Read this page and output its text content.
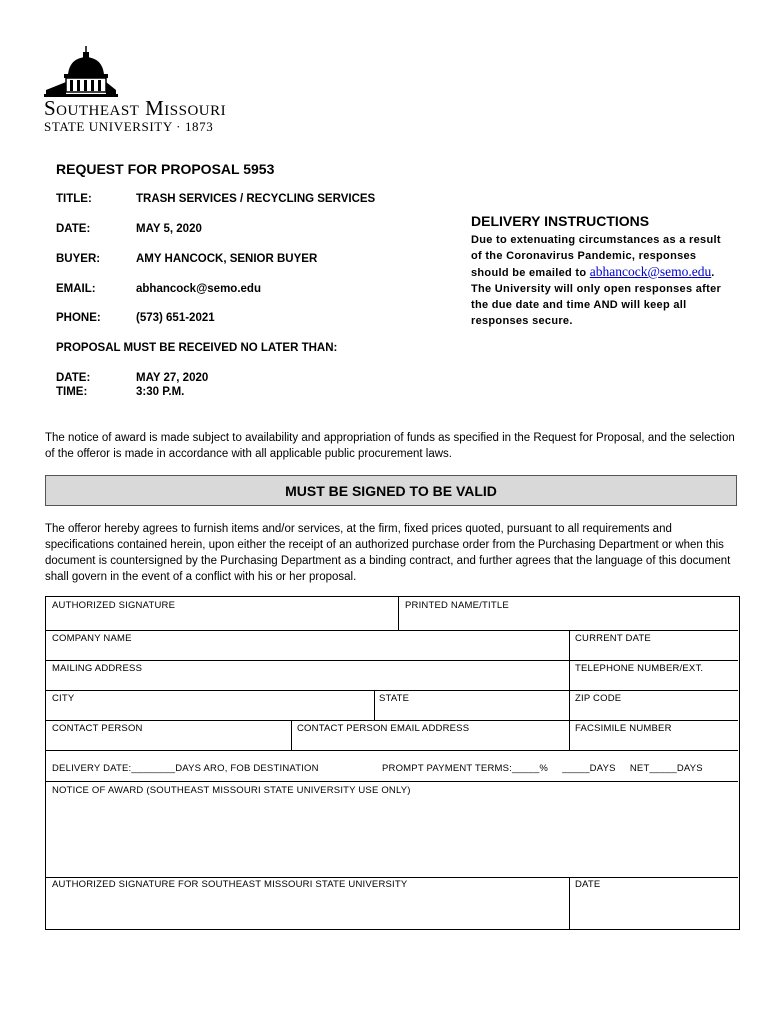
Southeast Missouri
STATE UNIVERSITY · 1873
REQUEST FOR PROPOSAL 5953
TITLE:	TRASH SERVICES / RECYCLING SERVICES
DATE:	MAY 5, 2020
BUYER:	AMY HANCOCK, SENIOR BUYER
EMAIL:	abhancock@semo.edu
PHONE:	(573) 651-2021
PROPOSAL MUST BE RECEIVED NO LATER THAN:
DATE:	MAY 27, 2020
TIME:	3:30 P.M.
DELIVERY INSTRUCTIONS
Due to extenuating circumstances as a result of the Coronavirus Pandemic, responses should be emailed to abhancock@semo.edu. The University will only open responses after the due date and time AND will keep all responses secure.
The notice of award is made subject to availability and appropriation of funds as specified in the Request for Proposal, and the selection of the offeror is made in accordance with all applicable public procurement laws.
MUST BE SIGNED TO BE VALID
The offeror hereby agrees to furnish items and/or services, at the firm, fixed prices quoted, pursuant to all requirements and specifications contained herein, upon either the receipt of an authorized purchase order from the Purchasing Department or when this document is countersigned by the Purchasing Department as a binding contract, and further agrees that the language of this document shall govern in the event of a conflict with his or her proposal.
AUTHORIZED SIGNATURE	PRINTED NAME/TITLE
COMPANY NAME	CURRENT DATE
MAILING ADDRESS	TELEPHONE NUMBER/EXT.
CITY	STATE	ZIP CODE
CONTACT PERSON	CONTACT PERSON EMAIL ADDRESS	FACSIMILE NUMBER
DELIVERY DATE:________DAYS ARO, FOB DESTINATION	PROMPT PAYMENT TERMS:_____%     _____DAYS     NET_____DAYS
NOTICE OF AWARD (SOUTHEAST MISSOURI STATE UNIVERSITY USE ONLY)
AUTHORIZED SIGNATURE FOR SOUTHEAST MISSOURI STATE UNIVERSITY	DATE
